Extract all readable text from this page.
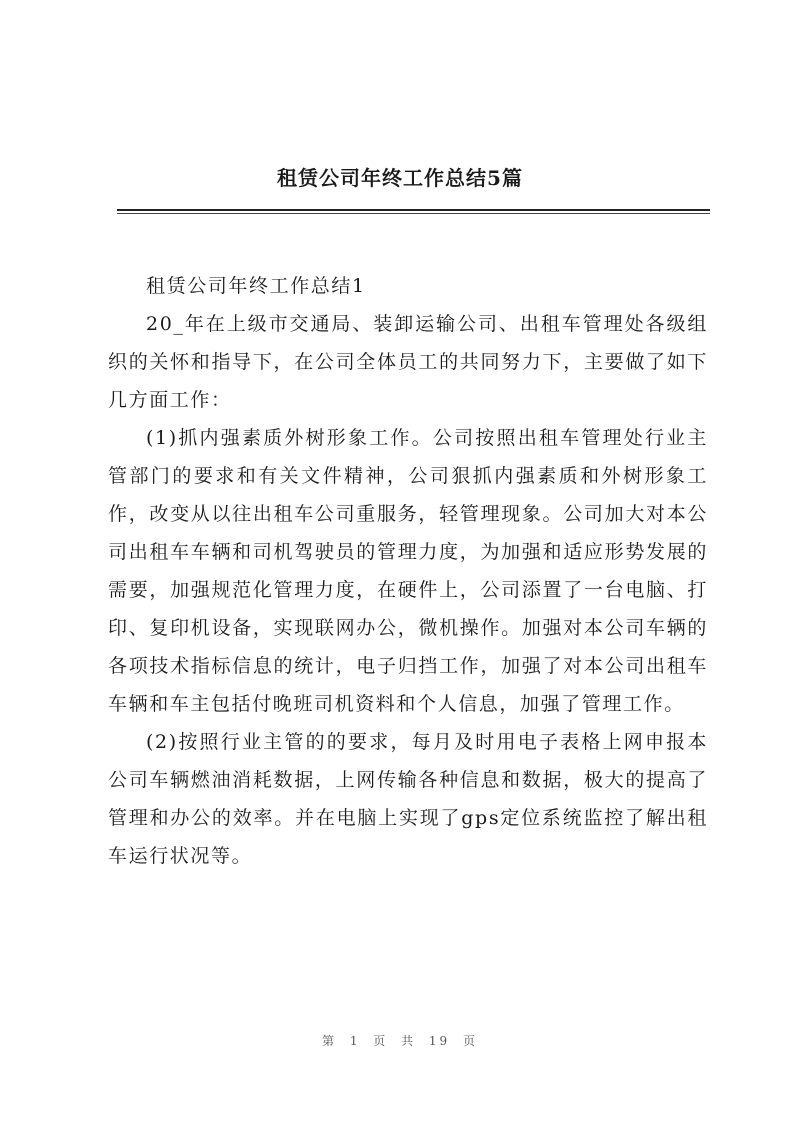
租赁公司年终工作总结5篇

租赁公司年终工作总结1

20_年在上级市交通局、装卸运输公司、出租车管理处各级组织的关怀和指导下，在公司全体员工的共同努力下，主要做了如下几方面工作：

(1)抓内强素质外树形象工作。公司按照出租车管理处行业主管部门的要求和有关文件精神，公司狠抓内强素质和外树形象工作，改变从以往出租车公司重服务，轻管理现象。公司加大对本公司出租车车辆和司机驾驶员的管理力度，为加强和适应形势发展的需要，加强规范化管理力度，在硬件上，公司添置了一台电脑、打印、复印机设备，实现联网办公，微机操作。加强对本公司车辆的各项技术指标信息的统计，电子归挡工作，加强了对本公司出租车车辆和车主包括付晚班司机资料和个人信息，加强了管理工作。

(2)按照行业主管的的要求，每月及时用电子表格上网申报本公司车辆燃油消耗数据，上网传输各种信息和数据，极大的提高了管理和办公的效率。并在电脑上实现了gps定位系统监控了解出租车运行状况等。

第 1 页 共 19 页
